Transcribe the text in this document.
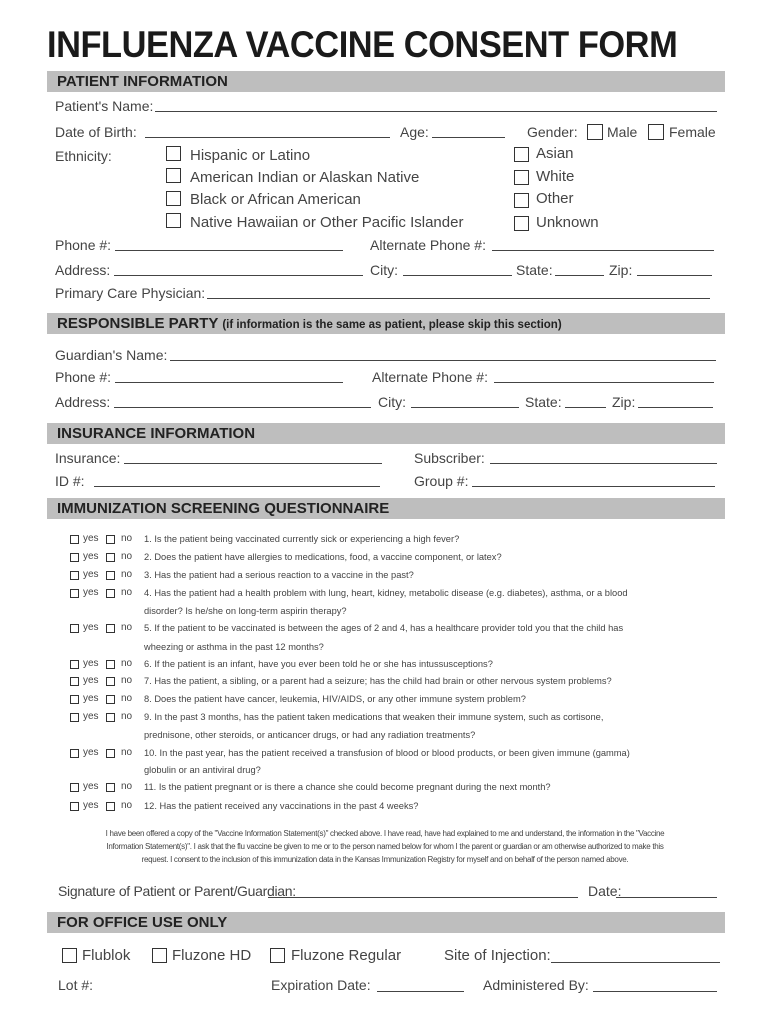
INFLUENZA VACCINE CONSENT FORM
PATIENT INFORMATION
Patient's Name:
Date of Birth:	Age:	Gender: Male Female
Ethnicity:	Hispanic or Latino
American Indian or Alaskan Native
Black or African American
Native Hawaiian or Other Pacific Islander
Asian
White
Other
Unknown
Phone #:	Alternate Phone #:
Address:	City:	State:	Zip:
Primary Care Physician:
RESPONSIBLE PARTY (if information is the same as patient, please skip this section)
Guardian's Name:
Phone #:	Alternate Phone #:
Address:	City:	State:	Zip:
INSURANCE INFORMATION
Insurance:	Subscriber:
ID #:	Group #:
IMMUNIZATION SCREENING QUESTIONNAIRE
yes no 1. Is the patient being vaccinated currently sick or experiencing a high fever?
yes no 2. Does the patient have allergies to medications, food, a vaccine component, or latex?
yes no 3. Has the patient had a serious reaction to a vaccine in the past?
yes no 4. Has the patient had a health problem with lung, heart, kidney, metabolic disease (e.g. diabetes), asthma, or a blood
disorder? Is he/she on long-term aspirin therapy?
yes no 5. If the patient to be vaccinated is between the ages of 2 and 4, has a healthcare provider told you that the child has
wheezing or asthma in the past 12 months?
yes no 6. If the patient is an infant, have you ever been told he or she has intussusceptions?
yes no 7. Has the patient, a sibling, or a parent had a seizure; has the child had brain or other nervous system problems?
yes no 8. Does the patient have cancer, leukemia, HIV/AIDS, or any other immune system problem?
yes no 9. In the past 3 months, has the patient taken medications that weaken their immune system, such as cortisone,
prednisone, other steroids, or anticancer drugs, or had any radiation treatments?
yes no 10. In the past year, has the patient received a transfusion of blood or blood products, or been given immune (gamma)
globulin or an antiviral drug?
yes no 11. Is the patient pregnant or is there a chance she could become pregnant during the next month?
yes no 12. Has the patient received any vaccinations in the past 4 weeks?
I have been offered a copy of the "Vaccine Information Statement(s)" checked above. I have read, have had explained to me and understand, the information in the "Vaccine
Information Statement(s)". I ask that the flu vaccine be given to me or to the person named below for whom I the parent or guardian or am otherwise authorized to make this
request. I consent to the inclusion of this immunization data in the Kansas Immunization Registry for myself and on behalf of the person named above.
Signature of Patient or Parent/Guardian:	Date:
FOR OFFICE USE ONLY
Flublok	Fluzone HD	Fluzone Regular	Site of Injection:
Lot #:	Expiration Date:	Administered By:
